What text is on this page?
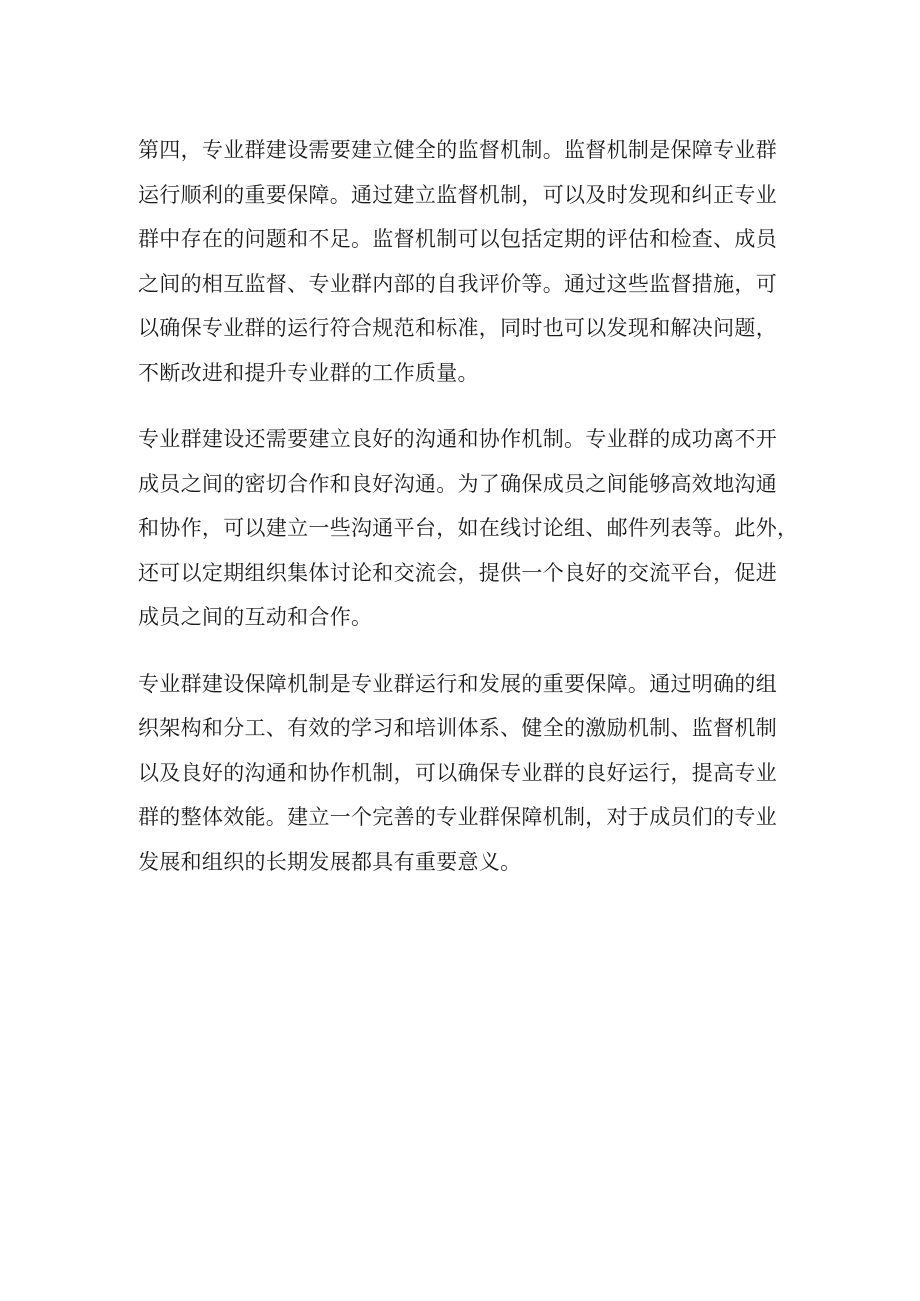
第四，专业群建设需要建立健全的监督机制。监督机制是保障专业群
运行顺利的重要保障。通过建立监督机制，可以及时发现和纠正专业
群中存在的问题和不足。监督机制可以包括定期的评估和检查、成员
之间的相互监督、专业群内部的自我评价等。通过这些监督措施，可
以确保专业群的运行符合规范和标准，同时也可以发现和解决问题，
不断改进和提升专业群的工作质量。
专业群建设还需要建立良好的沟通和协作机制。专业群的成功离不开
成员之间的密切合作和良好沟通。为了确保成员之间能够高效地沟通
和协作，可以建立一些沟通平台，如在线讨论组、邮件列表等。此外，
还可以定期组织集体讨论和交流会，提供一个良好的交流平台，促进
成员之间的互动和合作。
专业群建设保障机制是专业群运行和发展的重要保障。通过明确的组
织架构和分工、有效的学习和培训体系、健全的激励机制、监督机制
以及良好的沟通和协作机制，可以确保专业群的良好运行，提高专业
群的整体效能。建立一个完善的专业群保障机制，对于成员们的专业
发展和组织的长期发展都具有重要意义。
